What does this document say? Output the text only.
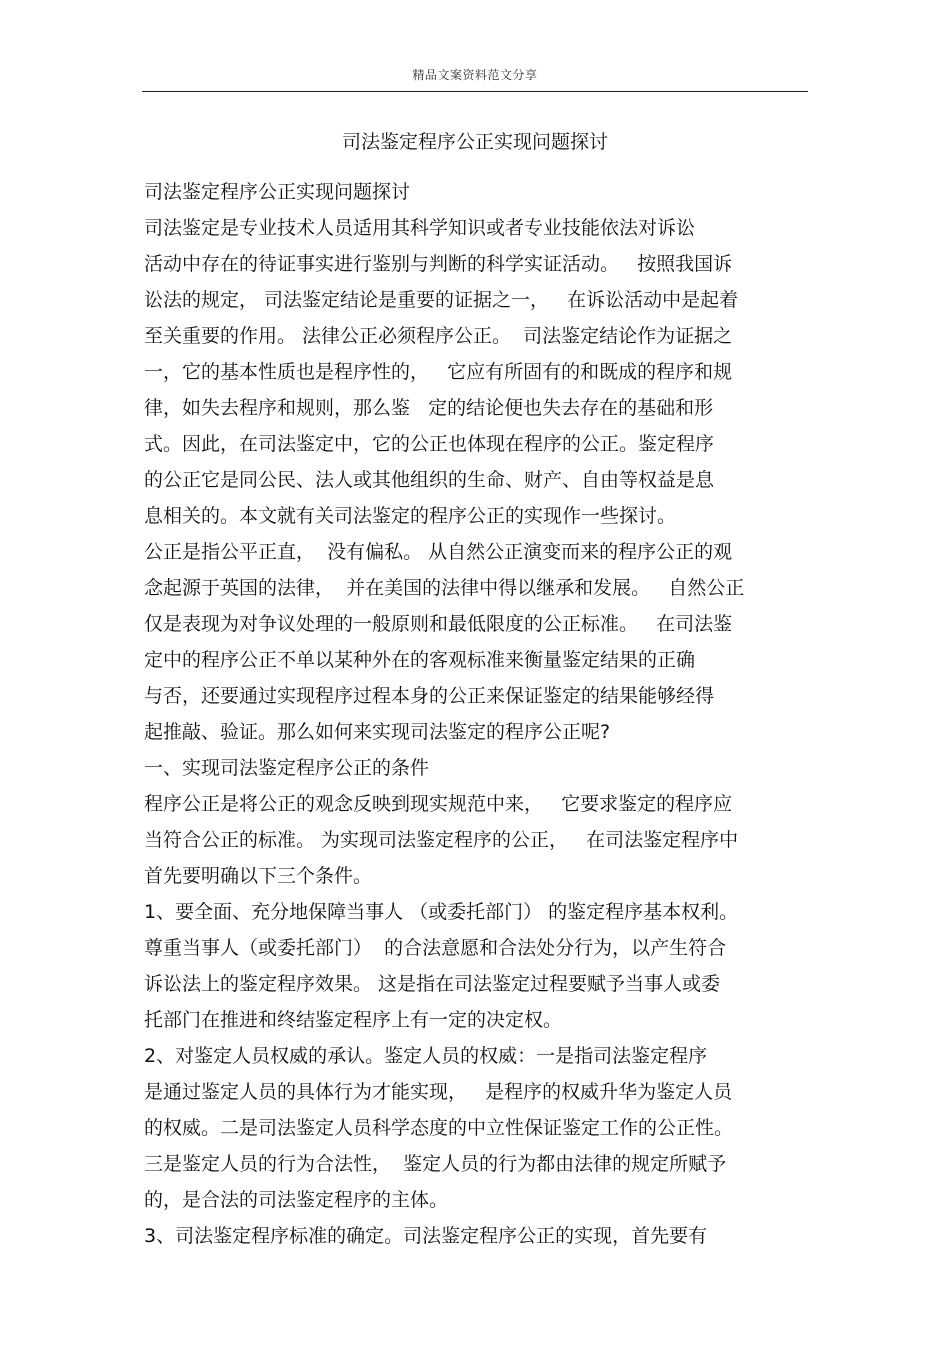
精品文案资料范文分享
司法鉴定程序公正实现问题探讨
司法鉴定程序公正实现问题探讨
司法鉴定是专业技术人员适用其科学知识或者专业技能依法对诉讼
活动中存在的待证事实进行鉴别与判断的科学实证活动。   按照我国诉
讼法的规定， 司法鉴定结论是重要的证据之一，   在诉讼活动中是起着
至关重要的作用。 法律公正必须程序公正。  司法鉴定结论作为证据之
一，它的基本性质也是程序性的，   它应有所固有的和既成的程序和规
律，如失去程序和规则，那么鉴   定的结论便也失去存在的基础和形
式。因此，在司法鉴定中，它的公正也体现在程序的公正。鉴定程序
的公正它是同公民、法人或其他组织的生命、财产、自由等权益是息
息相关的。本文就有关司法鉴定的程序公正的实现作一些探讨。
公正是指公平正直，  没有偏私。 从自然公正演变而来的程序公正的观
念起源于英国的法律，  并在美国的法律中得以继承和发展。   自然公正
仅是表现为对争议处理的一般原则和最低限度的公正标准。   在司法鉴
定中的程序公正不单以某种外在的客观标准来衡量鉴定结果的正确
与否，还要通过实现程序过程本身的公正来保证鉴定的结果能够经得
起推敲、验证。那么如何来实现司法鉴定的程序公正呢?
一、实现司法鉴定程序公正的条件
程序公正是将公正的观念反映到现实规范中来，   它要求鉴定的程序应
当符合公正的标准。 为实现司法鉴定程序的公正，   在司法鉴定程序中
首先要明确以下三个条件。
1、要全面、充分地保障当事人 （或委托部门） 的鉴定程序基本权利。
尊重当事人（或委托部门）  的合法意愿和合法处分行为，以产生符合
诉讼法上的鉴定程序效果。 这是指在司法鉴定过程要赋予当事人或委
托部门在推进和终结鉴定程序上有一定的决定权。
2、对鉴定人员权威的承认。鉴定人员的权威：一是指司法鉴定程序
是通过鉴定人员的具体行为才能实现，   是程序的权威升华为鉴定人员
的权威。二是司法鉴定人员科学态度的中立性保证鉴定工作的公正性。
三是鉴定人员的行为合法性，  鉴定人员的行为都由法律的规定所赋予
的，是合法的司法鉴定程序的主体。
3、司法鉴定程序标准的确定。司法鉴定程序公正的实现，首先要有
